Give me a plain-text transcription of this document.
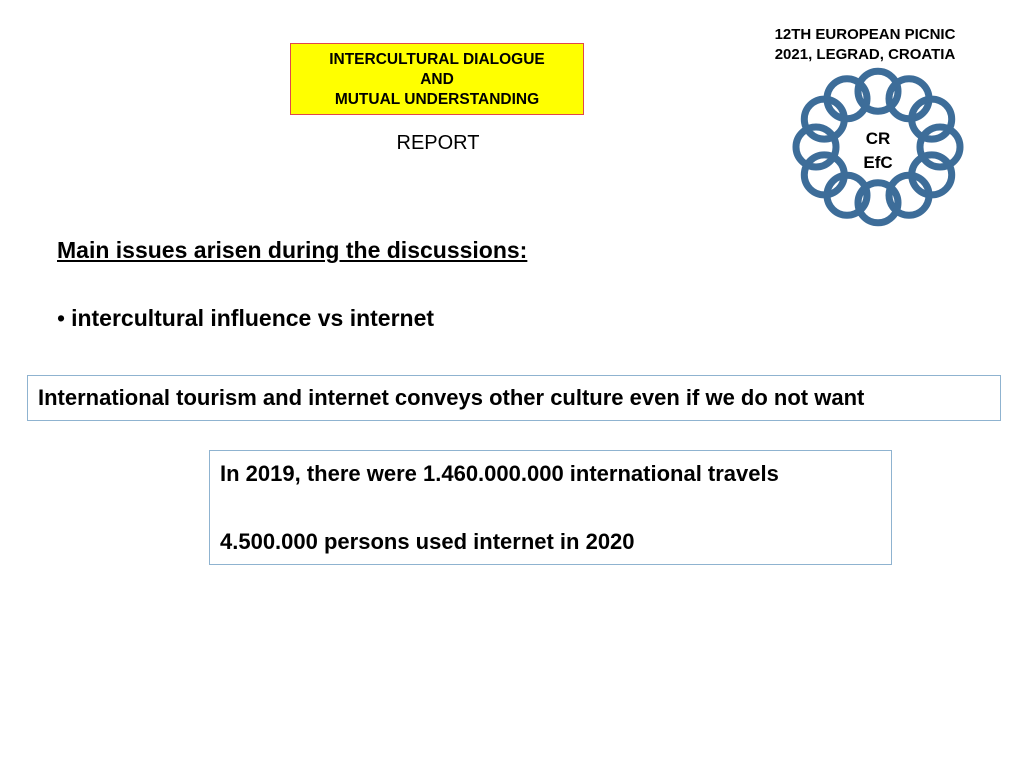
INTERCULTURAL DIALOGUE
AND
MUTUAL UNDERSTANDING
REPORT
12TH EUROPEAN PICNIC
2021, LEGRAD, CROATIA
CR
EfC
Main issues arisen during the discussions:
• intercultural influence vs internet
International tourism and internet conveys other culture even if we do not want

In 2019, there were 1.460.000.000 international travels

4.500.000 persons used internet in 2020
